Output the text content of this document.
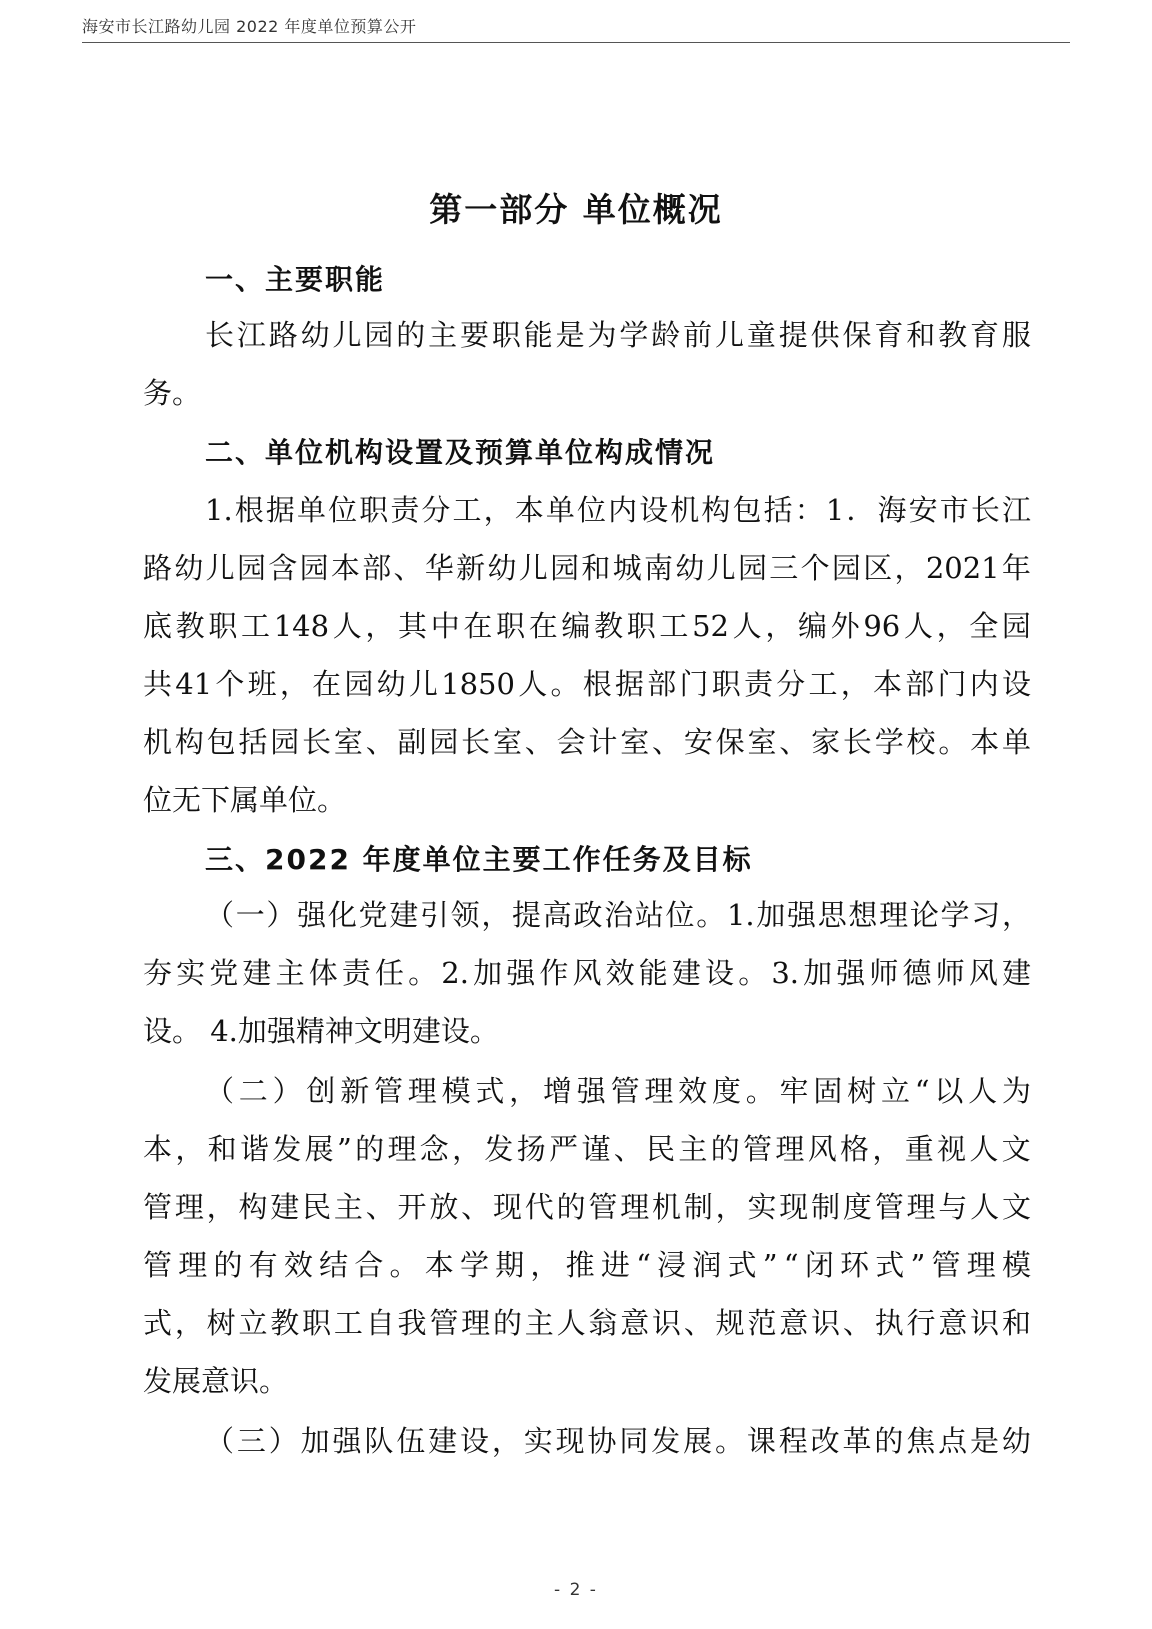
海安市长江路幼儿园 2022 年度单位预算公开
第一部分 单位概况
一、主要职能
长 江 路 幼 儿 园 的 主 要 职 能 是 为 学 龄 前 儿 童 提 供 保 育 和 教 育 服
务。
二、单位机构设置及预算单位构成情况
1. 根 据 单 位 职 责 分 工 ， 本 单 位 内 设 机 构 包 括 ： 1 ． 海 安 市 长 江
路 幼 儿 园 含 园 本 部 、 华 新 幼 儿 园 和 城 南 幼 儿 园 三 个 园 区 ， 2021 年
底 教 职 工 148 人 ， 其 中 在 职 在 编 教 职 工 52 人 ， 编 外 96 人 ， 全 园
共 41 个 班 ， 在 园 幼 儿 1850 人 。 根 据 部 门 职 责 分 工 ， 本 部 门 内 设
机 构 包 括 园 长 室 、 副 园 长 室 、 会 计 室 、 安 保 室 、 家 长 学 校 。 本 单
位无下属单位。
三、2022 年度单位主要工作任务及目标
（ 一 ） 强 化 党 建 引 领 ， 提 高 政 治 站 位 。 1. 加 强 思 想 理 论 学 习 ，
夯 实 党 建 主 体 责 任 。 2. 加 强 作 风 效 能 建 设 。 3. 加 强 师 德 师 风 建
设。 4.加强精神文明建设。
（ 二 ） 创 新 管 理 模 式 ， 增 强 管 理 效 度 。 牢 固 树 立 “ 以 人 为
本 ， 和 谐 发 展 ” 的 理 念 ， 发 扬 严 谨 、 民 主 的 管 理 风 格 ， 重 视 人 文
管 理 ， 构 建 民 主 、 开 放 、 现 代 的 管 理 机 制 ， 实 现 制 度 管 理 与 人 文
管 理 的 有 效 结 合 。 本 学 期 ， 推 进 “ 浸 润 式 ” “ 闭 环 式 ” 管 理 模
式 ， 树 立 教 职 工 自 我 管 理 的 主 人 翁 意 识 、 规 范 意 识 、 执 行 意 识 和
发展意识。
（ 三 ） 加 强 队 伍 建 设 ， 实 现 协 同 发 展 。 课 程 改 革 的 焦 点 是 幼
- 2 -
